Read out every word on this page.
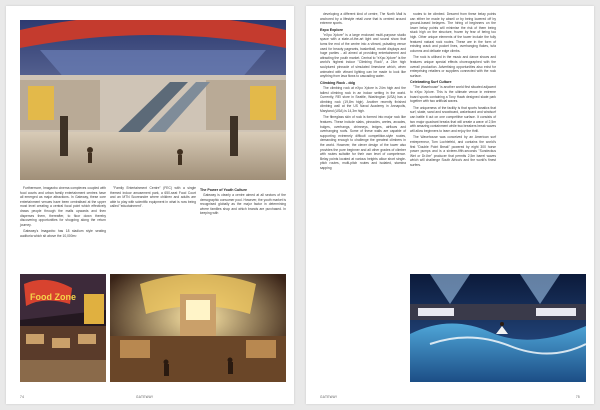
Furthermore, Imagaxbo cinema complexes coupled with food courts and urban family entertainment centres have all emerged as major attractions. In Gateway, these core entertainment venues have been centralised at the upper most level creating a central focal point which effectively draws people through the malls upwards and then disperses them, thereafter, to floor down thereby discovering opportunities for shopping along the return journey.

Gateway's Imagaxbo has 18 stadium style seating auditoria which sit above the 10,000m²

"Family Entertainment Centre" (FEC) with a single themed indoor amusement park, a 650-seat Food Court and an MTN Scoreandre where children and adults are able to play with scientific equipment in what is now being called "eduotainment".

The Power of Youth Culture

Gateway is clearly a centre aimed at all sectors of the demographic consumer pool. However, the youth market is recognised globally as the major factor in determining where families shop and which brands are purchased. In keeping with

Food Zone
74	GATEWAY

developing a different kind of centre, The North Mall is anchored by a lifestyle retail zone that is centred around extreme sports.

Expo Explore

"eXpo Xplore" is a large enclosed multi-purpose studio space with a state-of-the-art light and sound show that turns the end of the centre into a vibrant, pulsating venue used for beauty pageants, basketball, model displays and huge parties - all aimed at providing entertainment and attracting the youth market. Central to "eXpo Xplore" is the world's highest indoor "Climbing Rock", a 24m high sculptured pinnacle of simulated limestone which, when animated with vibrant lighting can be made to look like anything from lava flows to cascading water.

Climbing Rock - ddg

The climbing rock at eXpo Xplore is 24m high and the tallest climbing rock in an indoor setting in the world. Currently, REI store in Seattle, Washington (USA) has a climbing rock (19,8m high). Another recently finished climbing wall at the US Naval Academy in Annapolis, Maryland (USA) is 14,3m high.

The fibreglass skin of rock is formed into major rock like features. These include slabs, pinnacles, aretes, arcades, bulges, overhangs, chimneys, ledges, airflows and overhanging roofs. Some of these walls are capable of supporting extremely difficult competition-style routes, demanding enough to challenge the greatest climbers in the world. However, the clever design of the tower also provides the pure beginner and all other grades of climber with routes suitable for their own level of competence. Belay points located at various heights allow short single-pitch routes, multi-pitch routes and isolated, stamina sapping

routes to be climbed. Descent from these belay points can either be made by abseil or by being lowered off by ground-based belayers. The hiring of beginners on the lower belay points will minimise the risk of them being stuck high on the structure, frozen by fear of being too high. Other unique elements of the tower include the fully featured natural rock routes. These are in the form of existing crack and pocket lines, overhanging flakes, tufa columns and delicate edge climbs.

The rock is utilised in the music and dance shows and features unique special effects choreographed with the overall production. Advertising opportunities also exist for enterprising retailers or suppliers connected with the rock surface.

Celebrating Surf Culture

"The Wavehouse" is another world first situated adjacent to eXpo Xplore. This is the ultimate venue in extreme board sports containing a Tony Hawk designed skate park together with two artificial waves.

The uniqueness of the facility is that sports fanatics that surf, skate, sand and snowboard, wakeboard and windsurf can battle it out on one competitive surface. It consists of two major quadrant breaks that will create a wave of 2,5m with amazing containment while two breakers break waves will allow beginners to learn and enjoy the thrill.

The Wavehouse was conceived by an American surf entrepreneur, Tom Lochtefeld, and contains the world's first "Double Point Break" powered by eight 300 horse power pumps and is a sixteen-fifth-seconds "Sundeckus Wet or Dr-Ibe" producer that permits 2,5m barrel waves which will challenge South Africa's and the world's finest surfers.

GATEWAY	75
